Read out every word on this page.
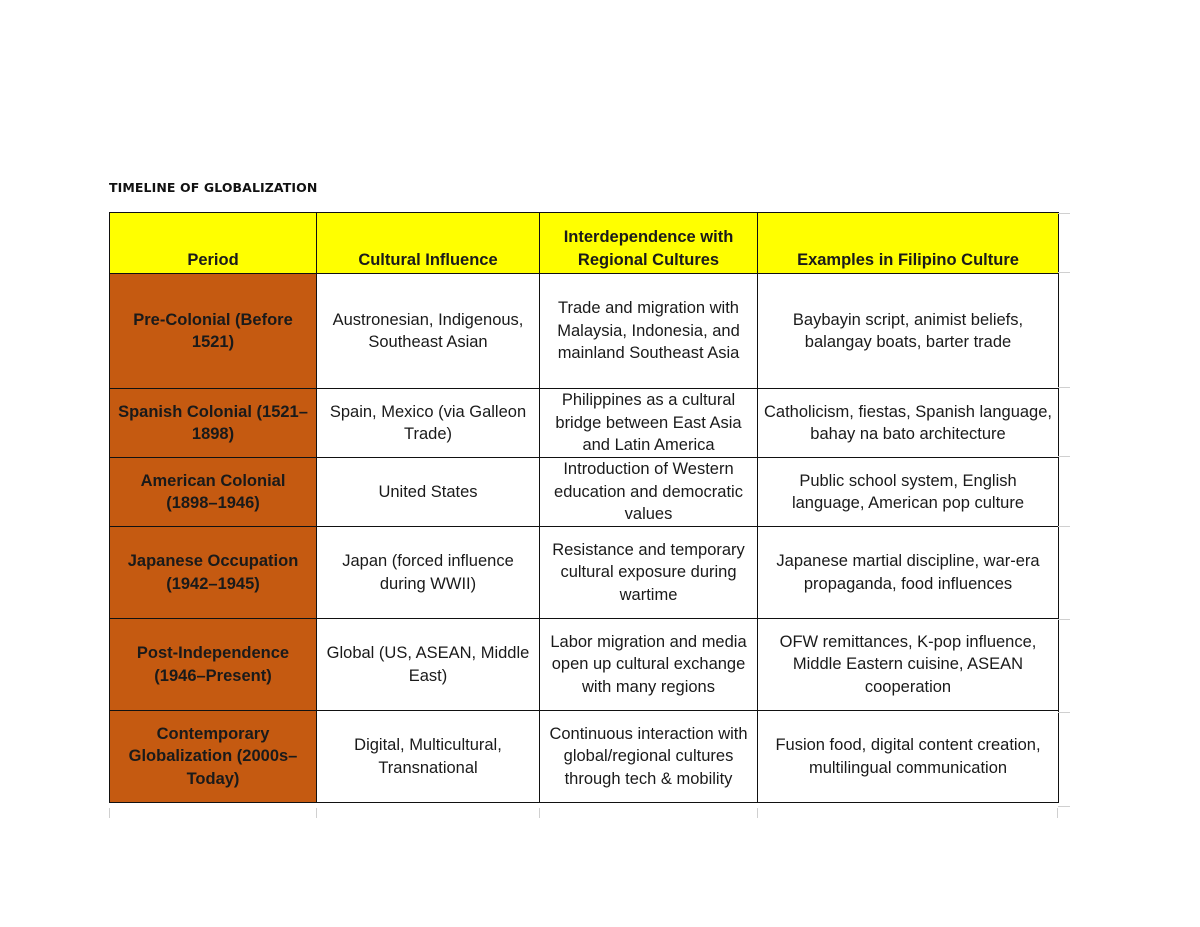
TIMELINE OF GLOBALIZATION
Period	Cultural Influence	Interdependence with Regional Cultures	Examples in Filipino Culture
Pre-Colonial (Before 1521)	Austronesian, Indigenous, Southeast Asian	Trade and migration with Malaysia, Indonesia, and mainland Southeast Asia	Baybayin script, animist beliefs, balangay boats, barter trade
Spanish Colonial (1521–1898)	Spain, Mexico (via Galleon Trade)	Philippines as a cultural bridge between East Asia and Latin America	Catholicism, fiestas, Spanish language, bahay na bato architecture
American Colonial (1898–1946)	United States	Introduction of Western education and democratic values	Public school system, English language, American pop culture
Japanese Occupation (1942–1945)	Japan (forced influence during WWII)	Resistance and temporary cultural exposure during wartime	Japanese martial discipline, war-era propaganda, food influences
Post-Independence (1946–Present)	Global (US, ASEAN, Middle East)	Labor migration and media open up cultural exchange with many regions	OFW remittances, K-pop influence, Middle Eastern cuisine, ASEAN cooperation
Contemporary Globalization (2000s–Today)	Digital, Multicultural, Transnational	Continuous interaction with global/regional cultures through tech & mobility	Fusion food, digital content creation, multilingual communication
